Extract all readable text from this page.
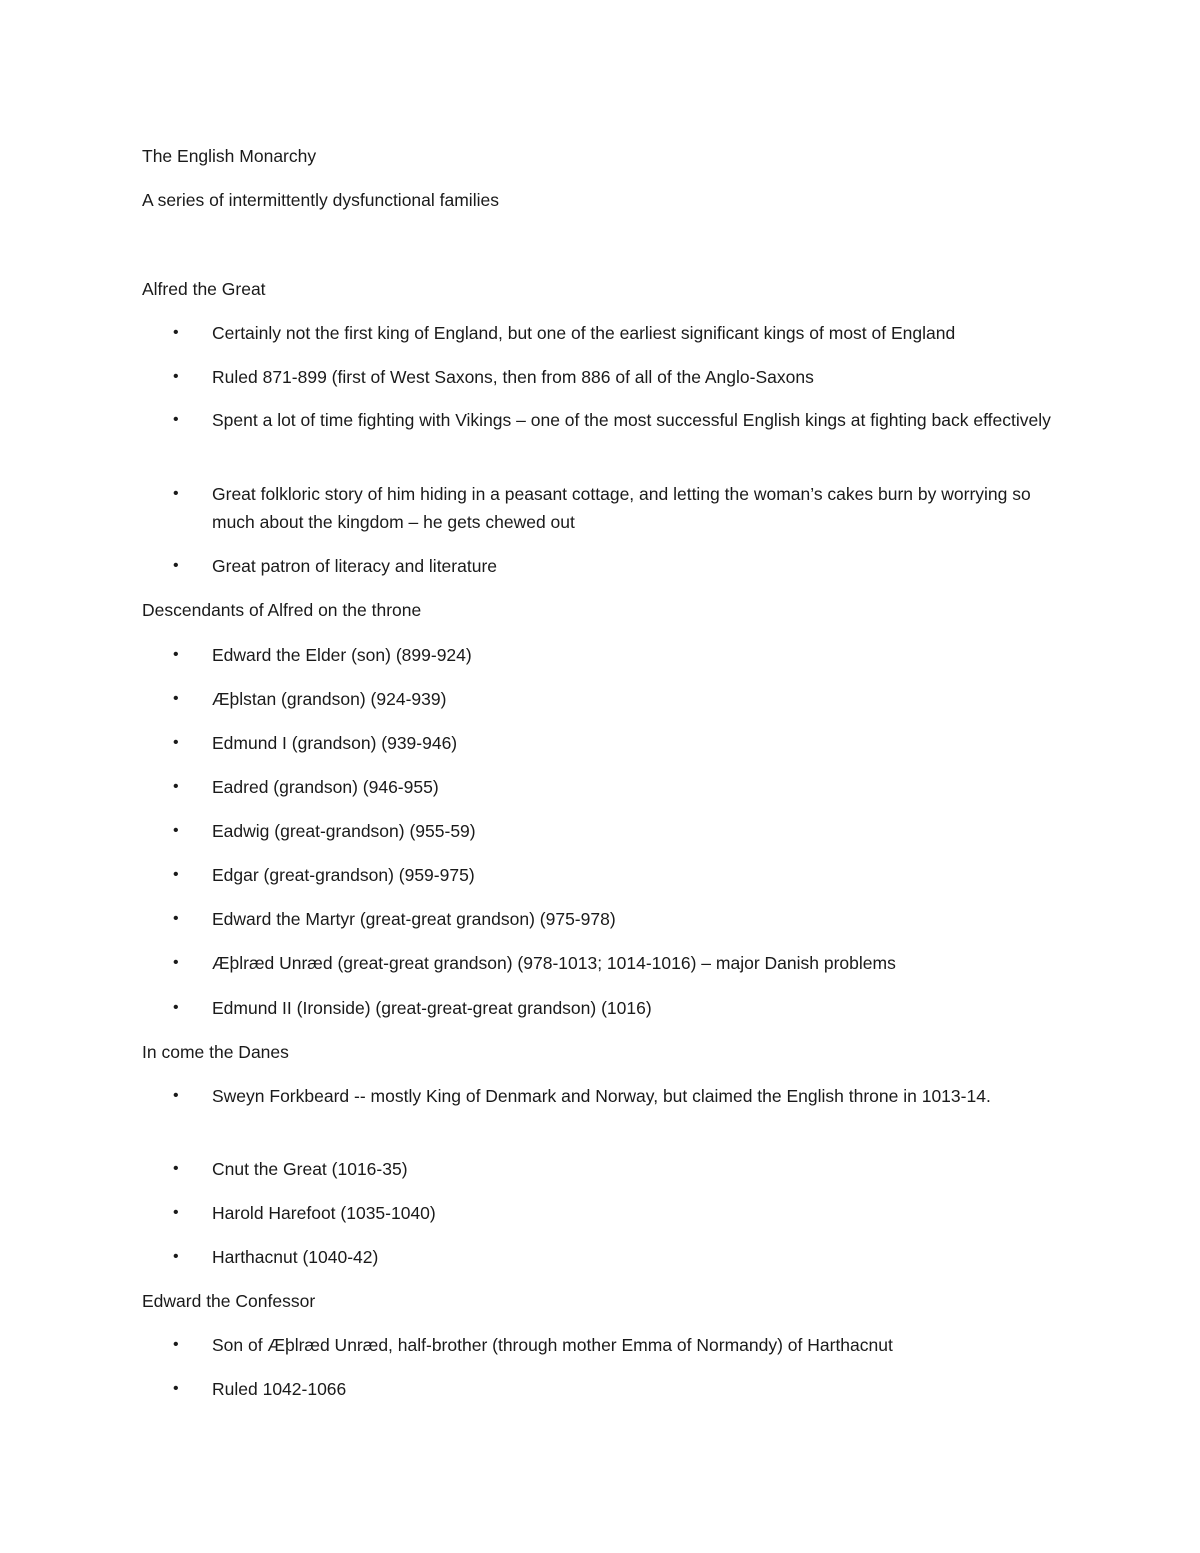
The English Monarchy
A series of intermittently dysfunctional families
Alfred the Great
•	Certainly not the first king of England, but one of the earliest significant kings of most of England
•	Ruled 871-899 (first of West Saxons, then from 886 of all of the Anglo-Saxons
•	Spent a lot of time fighting with Vikings – one of the most successful English kings at fighting back effectively
•	Great folkloric story of him hiding in a peasant cottage, and letting the woman’s cakes burn by worrying so much about the kingdom – he gets chewed out
•	Great patron of literacy and literature
Descendants of Alfred on the throne
•	Edward the Elder (son) (899-924)
•	Æþlstan (grandson) (924-939)
•	Edmund I (grandson) (939-946)
•	Eadred (grandson) (946-955)
•	Eadwig (great-grandson) (955-59)
•	Edgar (great-grandson) (959-975)
•	Edward the Martyr (great-great grandson) (975-978)
•	Æþlræd Unræd (great-great grandson) (978-1013; 1014-1016) – major Danish problems
•	Edmund II (Ironside) (great-great-great grandson) (1016)
In come the Danes
•	Sweyn Forkbeard -- mostly King of Denmark and Norway, but claimed the English throne in 1013-14.
•	Cnut the Great (1016-35)
•	Harold Harefoot (1035-1040)
•	Harthacnut (1040-42)
Edward the Confessor
•	Son of Æþlræd Unræd, half-brother (through mother Emma of Normandy) of Harthacnut
•	Ruled 1042-1066
